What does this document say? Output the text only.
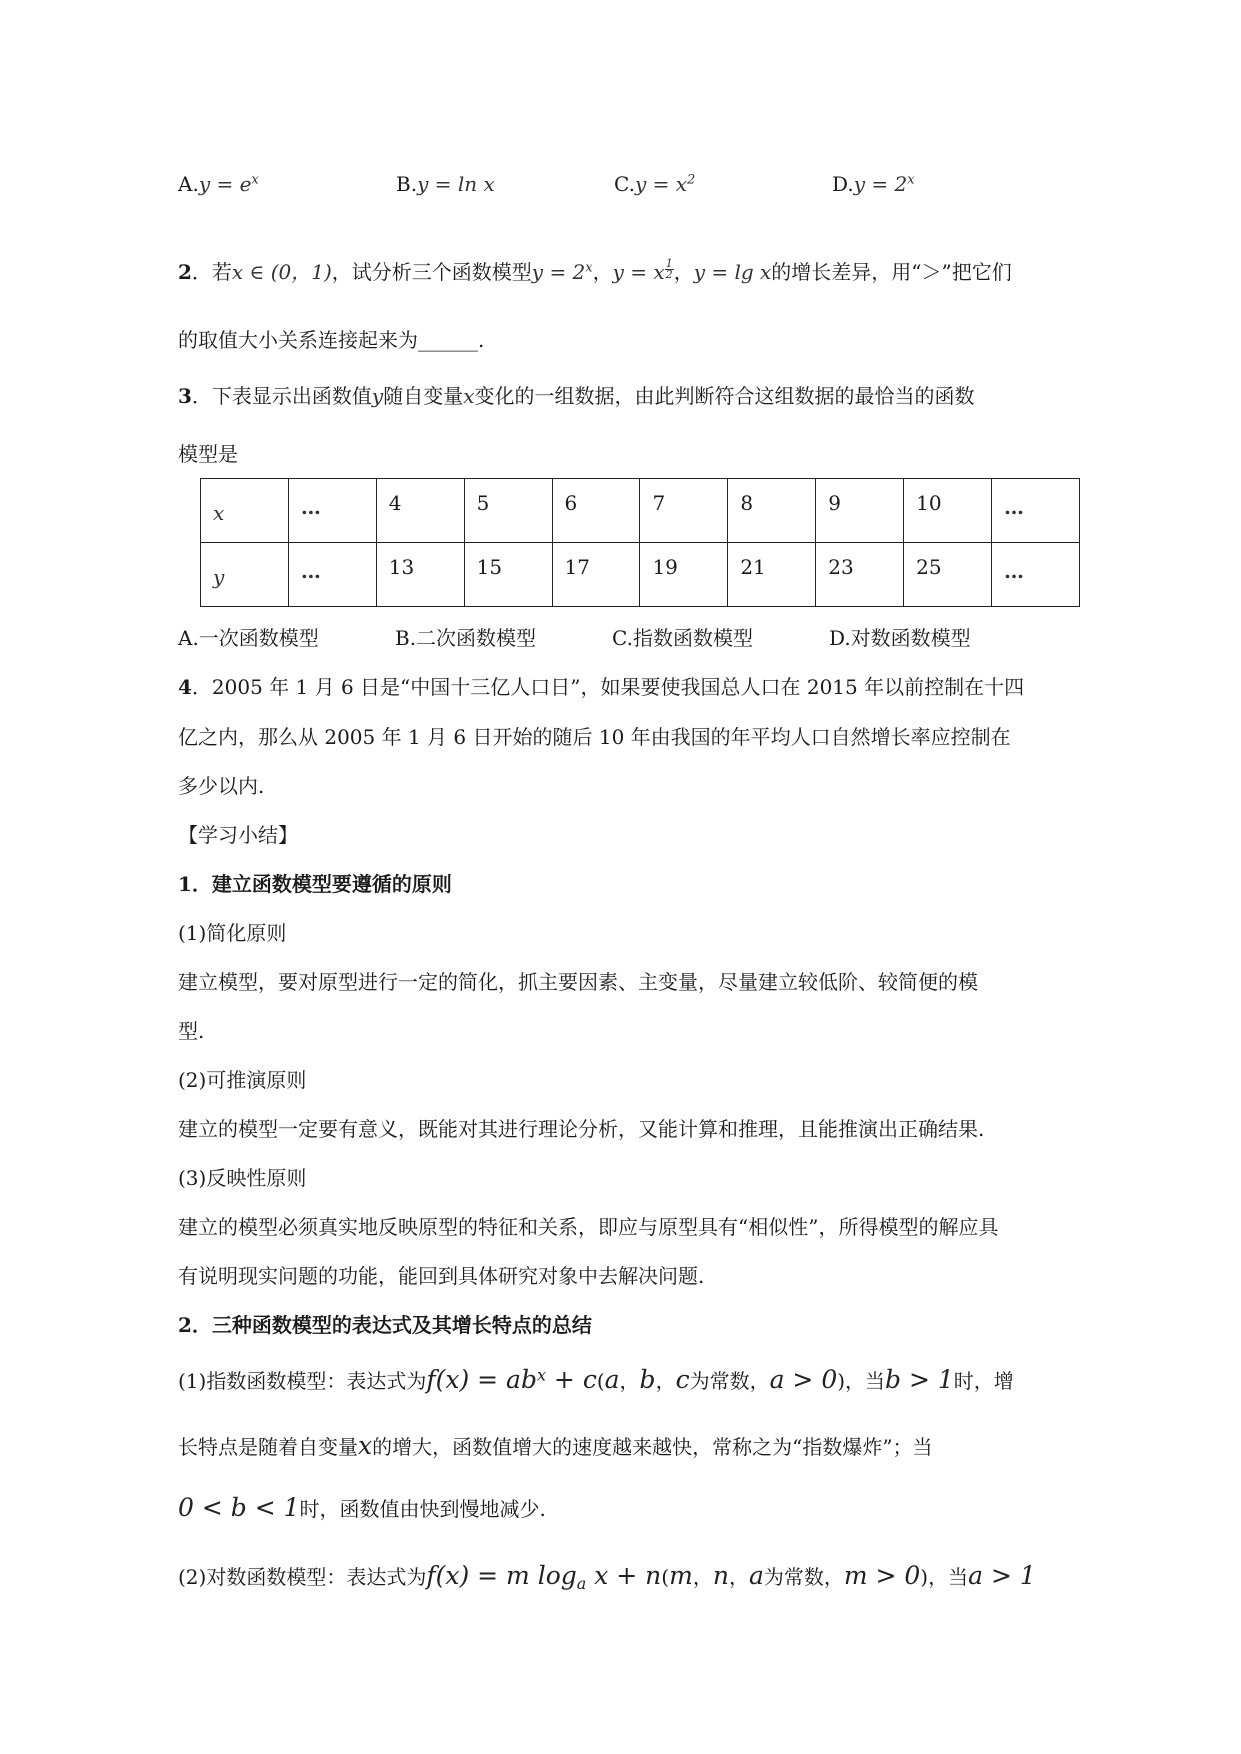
$A.y = e^x$	B.y = ln x	$C.y = x^2$	$D.y = 2^x$
2．若x ∈ (0，1)，试分析三个函数模型$y = 2^x$，y = x $\frac{1}{2}$ ，y = lg x的增长差异，用“＞”把它们
的取值大小关系连接起来为______.
3．下表显示出函数值y随自变量x变化的一组数据，由此判断符合这组数据的最恰当的函数
模型是
x	…	4	5	6	7	8	9	10	…
y	…	13	15	17	19	21	23	25	…
A.一次函数模型	B.二次函数模型	C.指数函数模型	D.对数函数模型
4．2005 年 1 月 6 日是“中国十三亿人口日”，如果要使我国总人口在 2015 年以前控制在十四
亿之内，那么从 2005 年 1 月 6 日开始的随后 10 年由我国的年平均人口自然增长率应控制在
多少以内.
【学习小结】
1．建立函数模型要遵循的原则
(1)简化原则
建立模型，要对原型进行一定的简化，抓主要因素、主变量，尽量建立较低阶、较简便的模
型.
(2)可推演原则
建立的模型一定要有意义，既能对其进行理论分析，又能计算和推理，且能推演出正确结果.
(3)反映性原则
建立的模型必须真实地反映原型的特征和关系，即应与原型具有“相似性”，所得模型的解应具
有说明现实问题的功能，能回到具体研究对象中去解决问题.
2．三种函数模型的表达式及其增长特点的总结
(1)指数函数模型：表达式为$f(x) = ab^x + c(a$，b，c为常数，a > 0)，当b > 1时，增
长特点是随着自变量x的增大，函数值增大的速度越来越快，常称之为“指数爆炸”；当
0 < b < 1时，函数值由快到慢地减少.
(2)对数函数模型：表达式为f(x) = m $\log_a x + n(m$，n，a为常数，m > 0)，当a > 1
